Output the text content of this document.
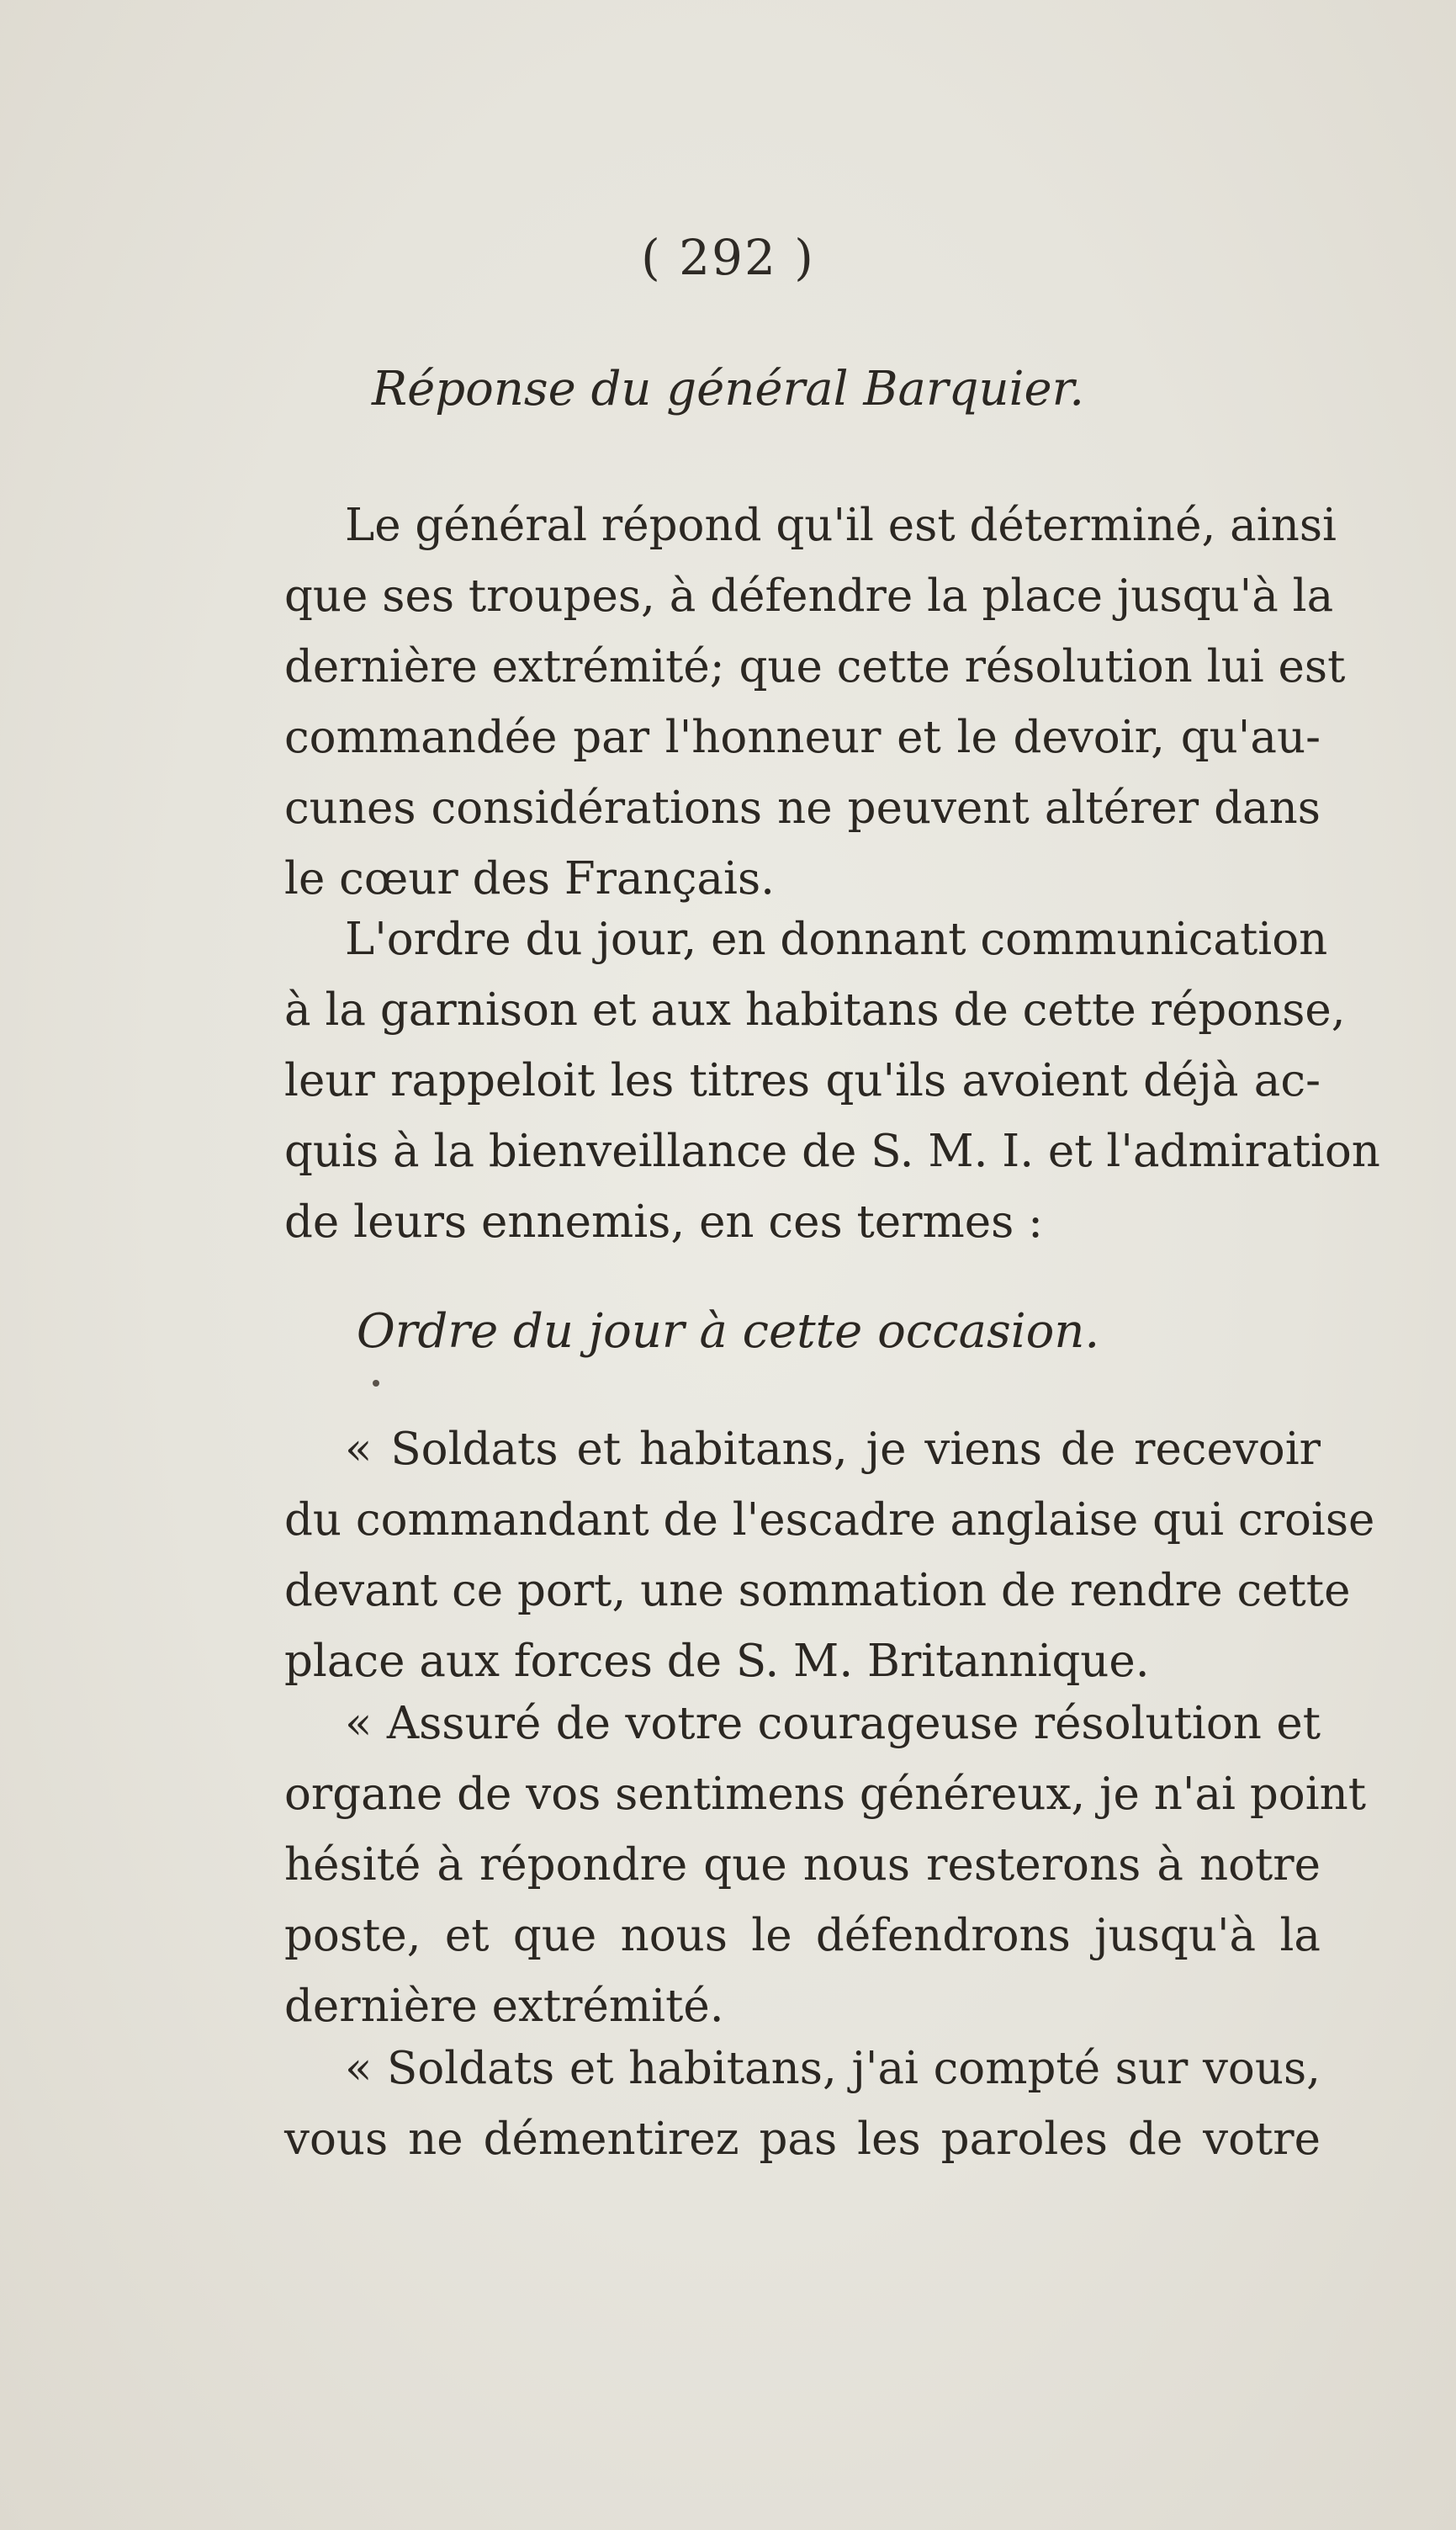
( 292 )
Réponse du général Barquier.
Le général répond qu'il est déterminé, ainsi
que ses troupes, à défendre la place jusqu'à la
dernière extrémité; que cette résolution lui est
commandée par l'honneur et le devoir, qu'au-
cunes considérations ne peuvent altérer dans
le cœur des Français.
L'ordre du jour, en donnant communication
à la garnison et aux habitans de cette réponse,
leur rappeloit les titres qu'ils avoient déjà ac-
quis à la bienveillance de S. M. I. et l'admiration
de leurs ennemis, en ces termes :
Ordre du jour à cette occasion.
« Soldats et habitans, je viens de recevoir
du commandant de l'escadre anglaise qui croise
devant ce port, une sommation de rendre cette
place aux forces de S. M. Britannique.
« Assuré de votre courageuse résolution et
organe de vos sentimens généreux, je n'ai point
hésité à répondre que nous resterons à notre
poste, et que nous le défendrons jusqu'à la
dernière extrémité.
« Soldats et habitans, j'ai compté sur vous,
vous ne démentirez pas les paroles de votre
